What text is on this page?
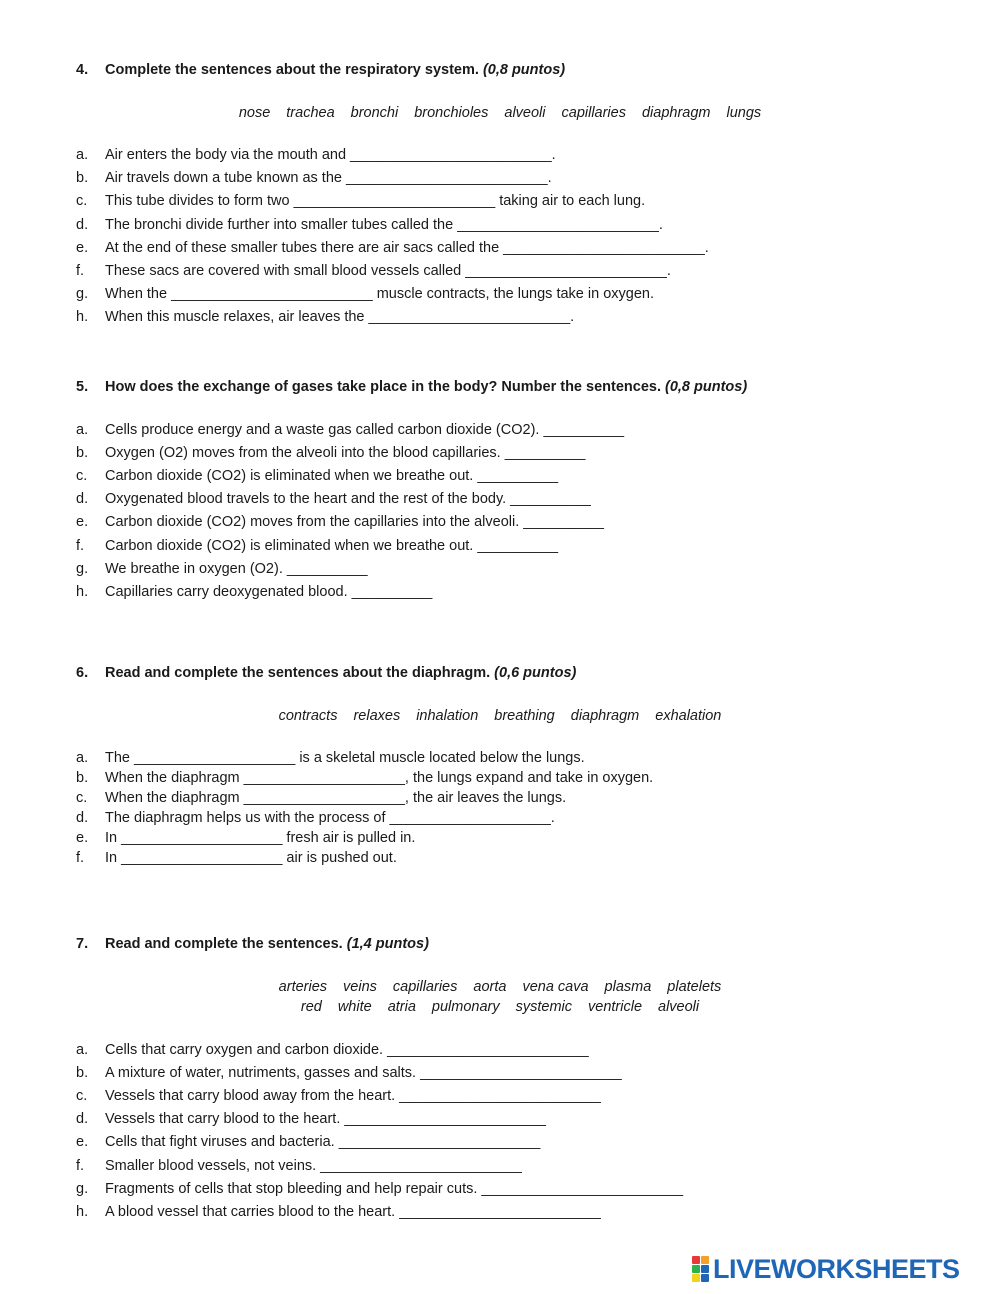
4. Complete the sentences about the respiratory system. (0,8 puntos)
nose trachea bronchi bronchioles alveoli capillaries diaphragm lungs
a. Air enters the body via the mouth and _________________________.
b. Air travels down a tube known as the _________________________.
c. This tube divides to form two _________________________ taking air to each lung.
d. The bronchi divide further into smaller tubes called the _________________________.
e. At the end of these smaller tubes there are air sacs called the _________________________.
f. These sacs are covered with small blood vessels called _________________________.
g. When the _________________________ muscle contracts, the lungs take in oxygen.
h. When this muscle relaxes, air leaves the _________________________.
5. How does the exchange of gases take place in the body? Number the sentences. (0,8 puntos)
a. Cells produce energy and a waste gas called carbon dioxide (CO2). __________
b. Oxygen (O2) moves from the alveoli into the blood capillaries. __________
c. Carbon dioxide (CO2) is eliminated when we breathe out. __________
d. Oxygenated blood travels to the heart and the rest of the body. __________
e. Carbon dioxide (CO2) moves from the capillaries into the alveoli. __________
f. Carbon dioxide (CO2) is eliminated when we breathe out. __________
g. We breathe in oxygen (O2). __________
h. Capillaries carry deoxygenated blood. __________
6. Read and complete the sentences about the diaphragm. (0,6 puntos)
contracts relaxes inhalation breathing diaphragm exhalation
a. The ____________________ is a skeletal muscle located below the lungs.
b. When the diaphragm ____________________, the lungs expand and take in oxygen.
c. When the diaphragm ____________________, the air leaves the lungs.
d. The diaphragm helps us with the process of ____________________.
e. In ____________________ fresh air is pulled in.
f. In ____________________ air is pushed out.
7. Read and complete the sentences. (1,4 puntos)
arteries veins capillaries aorta vena cava plasma platelets
red white atria pulmonary systemic ventricle alveoli
a. Cells that carry oxygen and carbon dioxide. _________________________
b. A mixture of water, nutriments, gasses and salts. _________________________
c. Vessels that carry blood away from the heart. _________________________
d. Vessels that carry blood to the heart. _________________________
e. Cells that fight viruses and bacteria. _________________________
f. Smaller blood vessels, not veins. _________________________
g. Fragments of cells that stop bleeding and help repair cuts. _________________________
h. A blood vessel that carries blood to the heart. _________________________
LIVEWORKSHEETS
